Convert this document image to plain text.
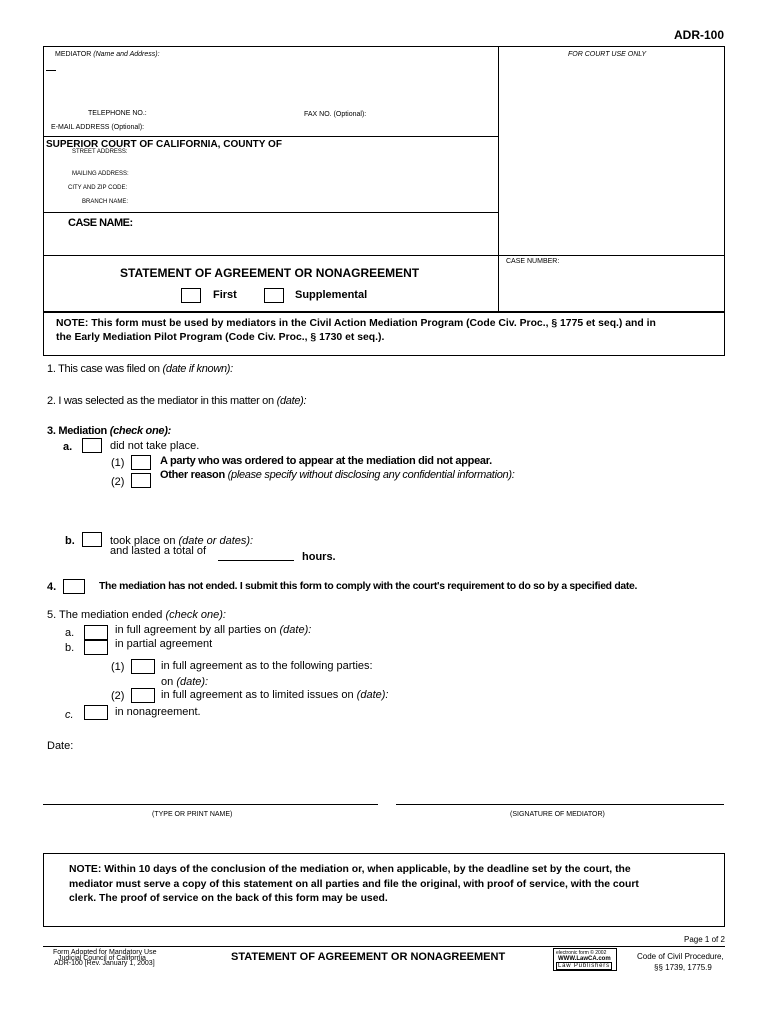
ADR-100
MEDIATOR (Name and Address):	FOR COURT USE ONLY
TELEPHONE NO.:	FAX NO. (Optional):
E-MAIL ADDRESS (Optional):
SUPERIOR COURT OF CALIFORNIA, COUNTY OF
STREET ADDRESS:
MAILING ADDRESS:
CITY AND ZIP CODE:
BRANCH NAME:
CASE NAME:
STATEMENT OF AGREEMENT OR NONAGREEMENT
First	Supplemental
CASE NUMBER:
NOTE: This form must be used by mediators in the Civil Action Mediation Program (Code Civ. Proc., § 1775 et seq.) and in
the Early Mediation Pilot Program (Code Civ. Proc., § 1730 et seq.).
1. This case was filed on (date if known):
2. I was selected as the mediator in this matter on (date):
3. Mediation (check one):
a.	did not take place.
(1)	A party who was ordered to appear at the mediation did not appear.
(2)
Other reason (please specify without disclosing any confidential information):
b.	took place on (date or dates):
and lasted a total of	hours.
4.	The mediation has not ended. I submit this form to comply with the court's requirement to do so by a specified date.
5. The mediation ended (check one):
a.	in full agreement by all parties on (date):
b.	in partial agreement
(1)	in full agreement as to the following parties:
on (date):
(2)	in full agreement as to limited issues on (date):
c.	in nonagreement.
Date:
(TYPE OR PRINT NAME)	(SIGNATURE OF MEDIATOR)
NOTE: Within 10 days of the conclusion of the mediation or, when applicable, by the deadline set by the court, the
mediator must serve a copy of this statement on all parties and file the original, with proof of service, with the court
clerk. The proof of service on the back of this form may be used.
Page 1 of 2
Form Adopted for Mandatory Use
Judicial Council of California
ADR-100 [Rev. January 1, 2003]
STATEMENT OF AGREEMENT OR NONAGREEMENT	electronic form © 2002
WWW.LawCA.com
Law Publishers
Code of Civil Procedure,
§§ 1739, 1775.9
